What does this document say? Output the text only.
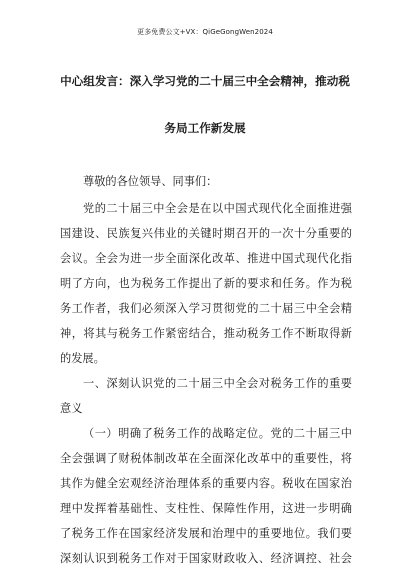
更多免费公文+VX：QiGeGongWen2024
中心组发言：深入学习党的二十届三中全会精神，推动税
务局工作新发展
尊敬的各位领导、同事们：
党的二十届三中全会是在以中国式现代化全面推进强
国建设、民族复兴伟业的关键时期召开的一次十分重要的
会议。全会为进一步全面深化改革、推进中国式现代化指
明了方向，也为税务工作提出了新的要求和任务。作为税
务工作者，我们必须深入学习贯彻党的二十届三中全会精
神，将其与税务工作紧密结合，推动税务工作不断取得新
的发展。
一、深刻认识党的二十届三中全会对税务工作的重要
意义
（一）明确了税务工作的战略定位。党的二十届三中
全会强调了财税体制改革在全面深化改革中的重要性，将
其作为健全宏观经济治理体系的重要内容。税收在国家治
理中发挥着基础性、支柱性、保障性作用，这进一步明确
了税务工作在国家经济发展和治理中的重要地位。我们要
深刻认识到税务工作对于国家财政收入、经济调控、社会
